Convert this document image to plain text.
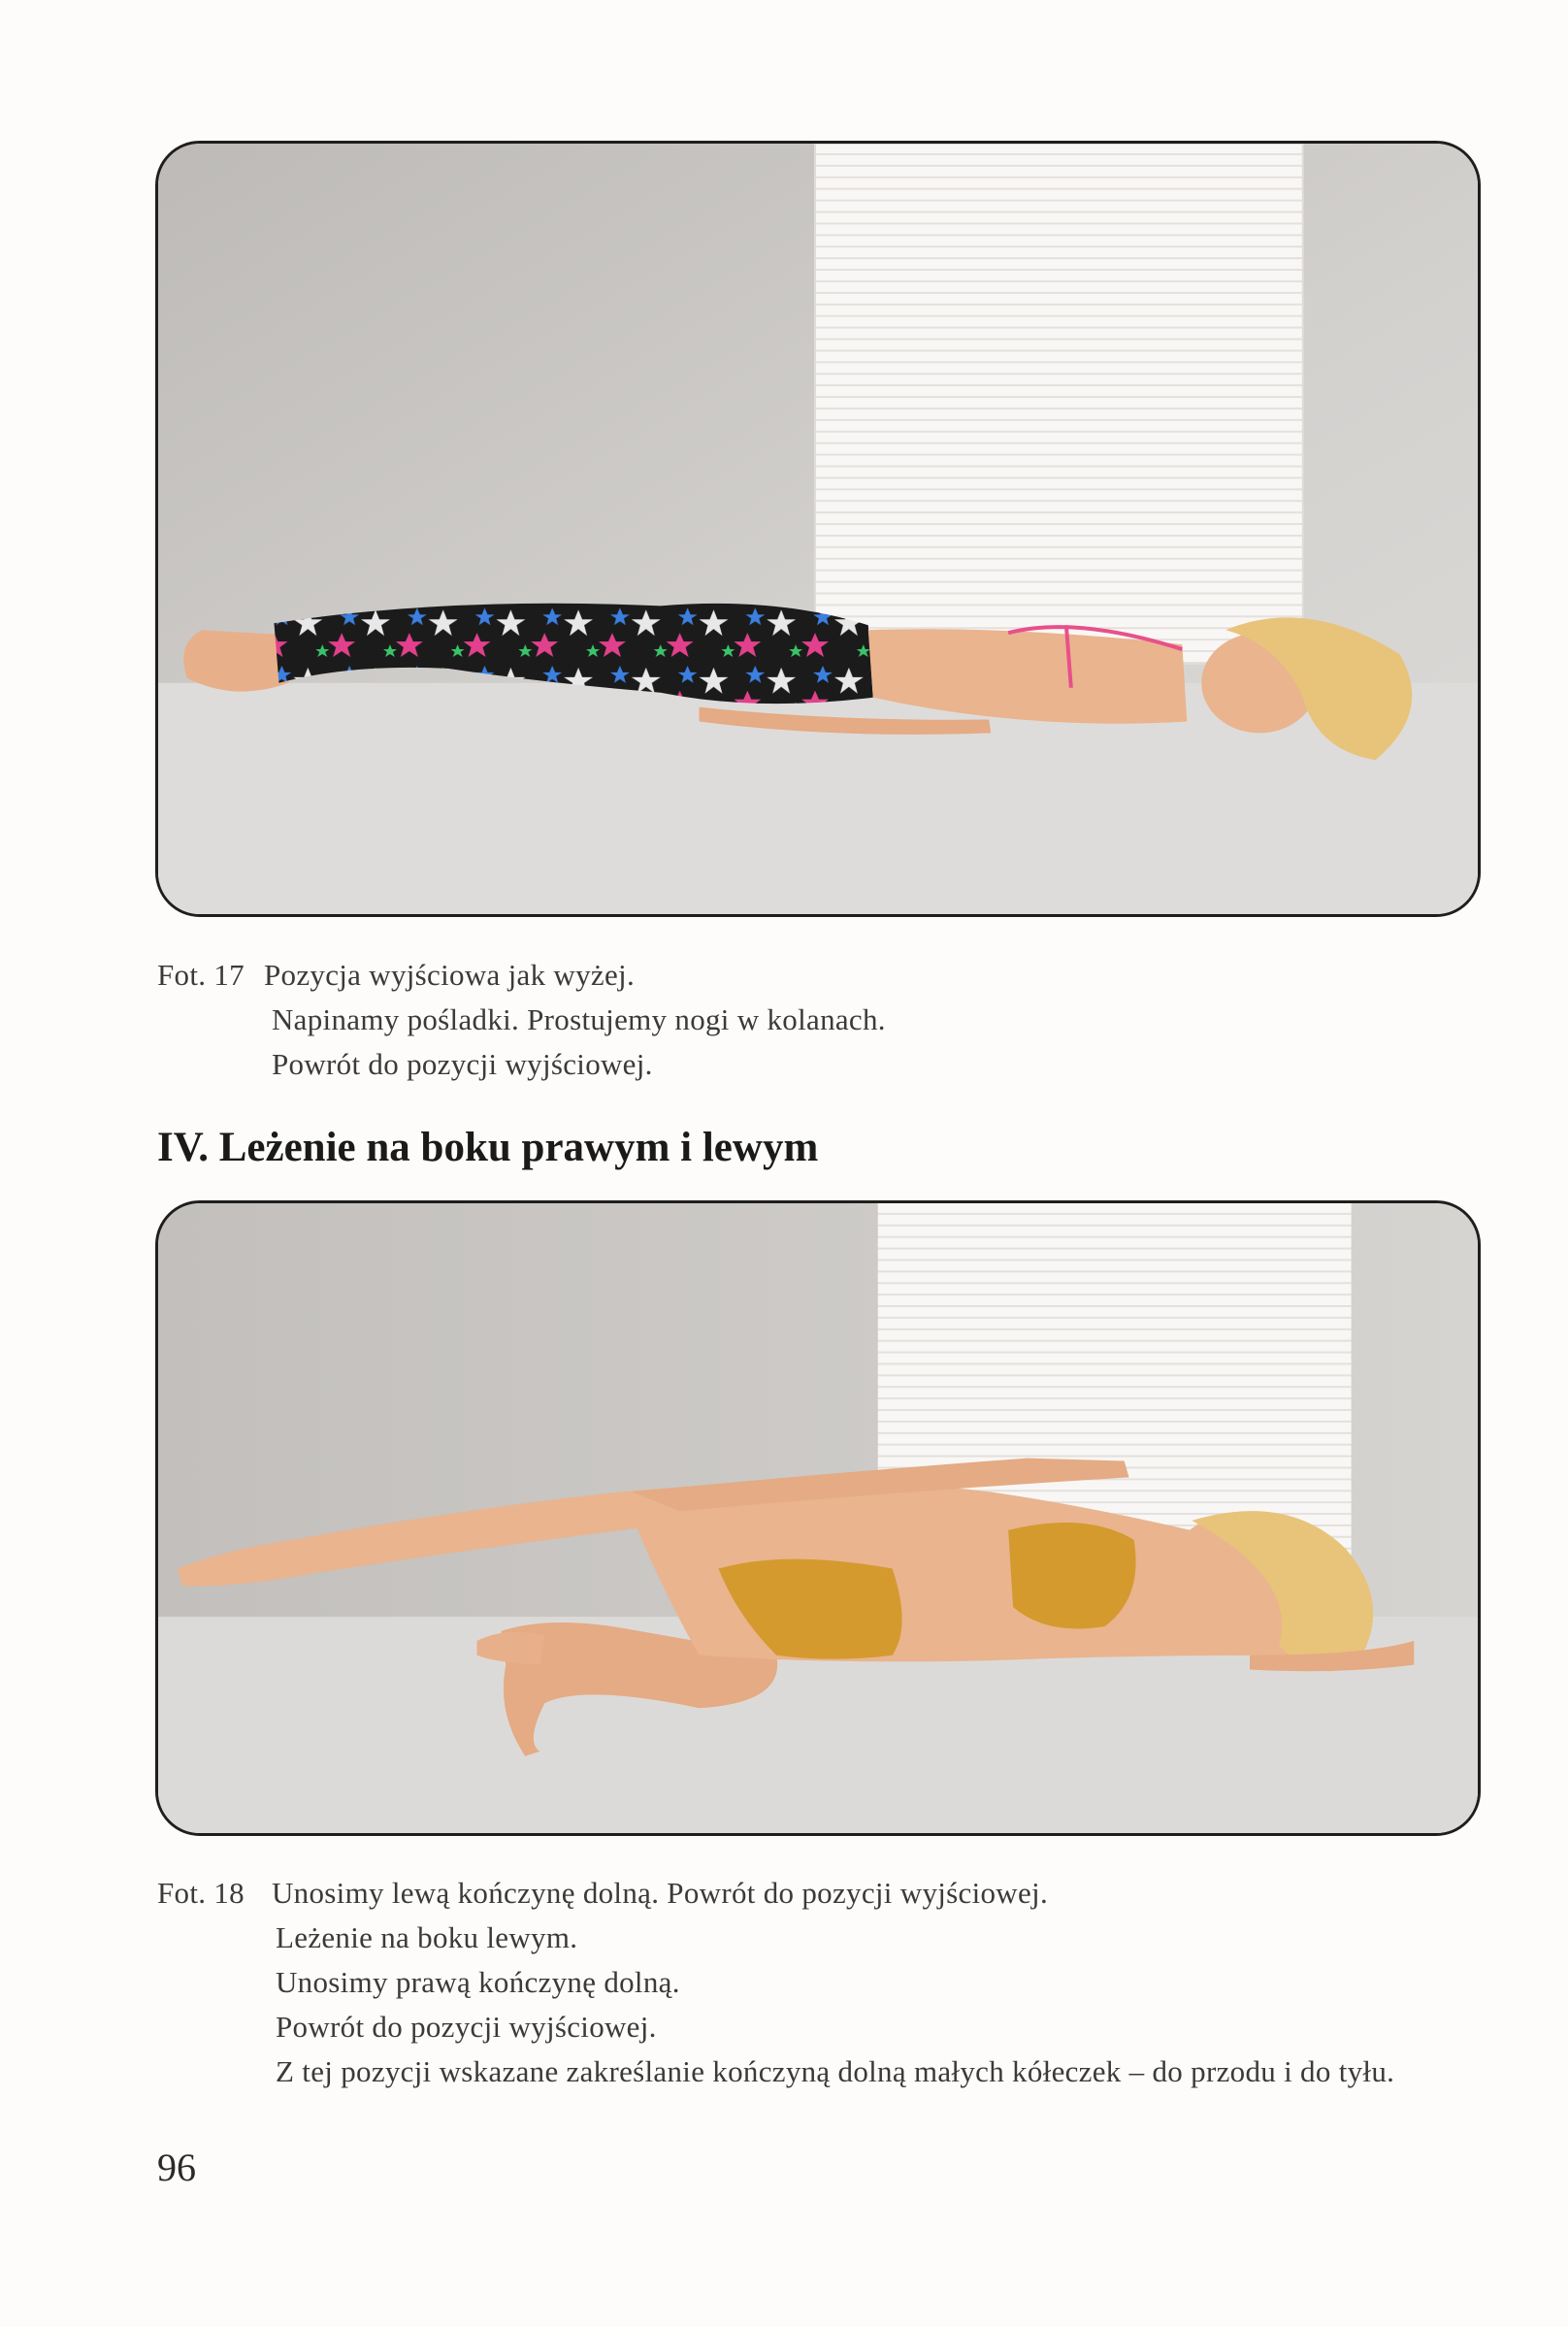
Fot. 17 Pozycja wyjściowa jak wyżej.
Napinamy pośladki. Prostujemy nogi w kolanach.
Powrót do pozycji wyjściowej.
IV. Leżenie na boku prawym i lewym
Fot. 18 Unosimy lewą kończynę dolną. Powrót do pozycji wyjściowej.
Leżenie na boku lewym.
Unosimy prawą kończynę dolną.
Powrót do pozycji wyjściowej.
Z tej pozycji wskazane zakreślanie kończyną dolną małych kółeczek – do przodu i do tyłu.
96
